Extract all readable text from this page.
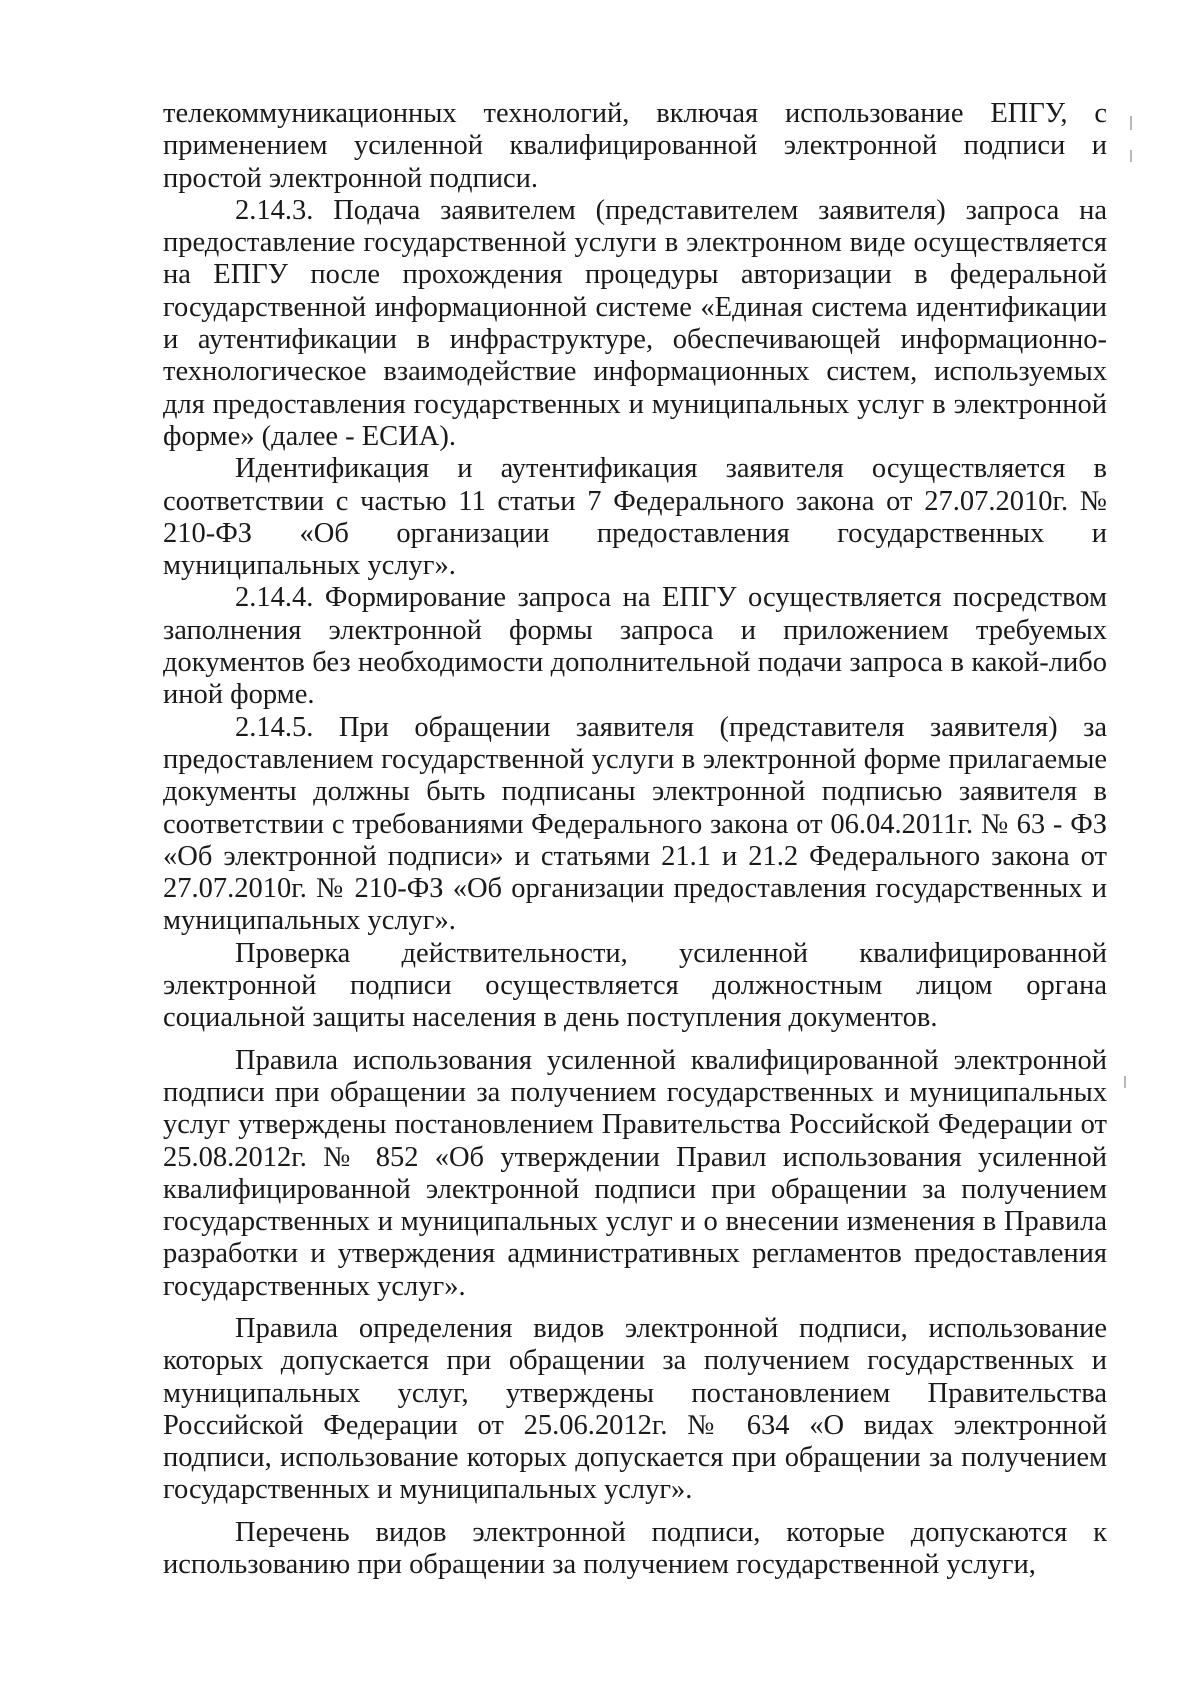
телекоммуникационных технологий, включая использование ЕПГУ, с применением усиленной квалифицированной электронной подписи и простой электронной подписи.

2.14.3. Подача заявителем (представителем заявителя) запроса на предоставление государственной услуги в электронном виде осуществляется на ЕПГУ после прохождения процедуры авторизации в федеральной государственной информационной системе «Единая система идентификации и аутентификации в инфраструктуре, обеспечивающей информационно-технологическое взаимодействие информационных систем, используемых для предоставления государственных и муниципальных услуг в электронной форме» (далее - ЕСИА).

Идентификация и аутентификация заявителя осуществляется в соответствии с частью 11 статьи 7 Федерального закона от 27.07.2010г. № 210-ФЗ «Об организации предоставления государственных и муниципальных услуг».

2.14.4. Формирование запроса на ЕПГУ осуществляется посредством заполнения электронной формы запроса и приложением требуемых документов без необходимости дополнительной подачи запроса в какой-либо иной форме.

2.14.5. При обращении заявителя (представителя заявителя) за предоставлением государственной услуги в электронной форме прилагаемые документы должны быть подписаны электронной подписью заявителя в соответствии с требованиями Федерального закона от 06.04.2011г. № 63 - ФЗ «Об электронной подписи» и статьями 21.1 и 21.2 Федерального закона от 27.07.2010г. № 210-ФЗ «Об организации предоставления государственных и муниципальных услуг».

Проверка действительности, усиленной квалифицированной электронной подписи осуществляется должностным лицом органа социальной защиты населения в день поступления документов.

Правила использования усиленной квалифицированной электронной подписи при обращении за получением государственных и муниципальных услуг утверждены постановлением Правительства Российской Федерации от 25.08.2012г. № 852 «Об утверждении Правил использования усиленной квалифицированной электронной подписи при обращении за получением государственных и муниципальных услуг и о внесении изменения в Правила разработки и утверждения административных регламентов предоставления государственных услуг».

Правила определения видов электронной подписи, использование которых допускается при обращении за получением государственных и муниципальных услуг, утверждены постановлением Правительства Российской Федерации от 25.06.2012г. № 634 «О видах электронной подписи, использование которых допускается при обращении за получением государственных и муниципальных услуг».

Перечень видов электронной подписи, которые допускаются к использованию при обращении за получением государственной услуги,
